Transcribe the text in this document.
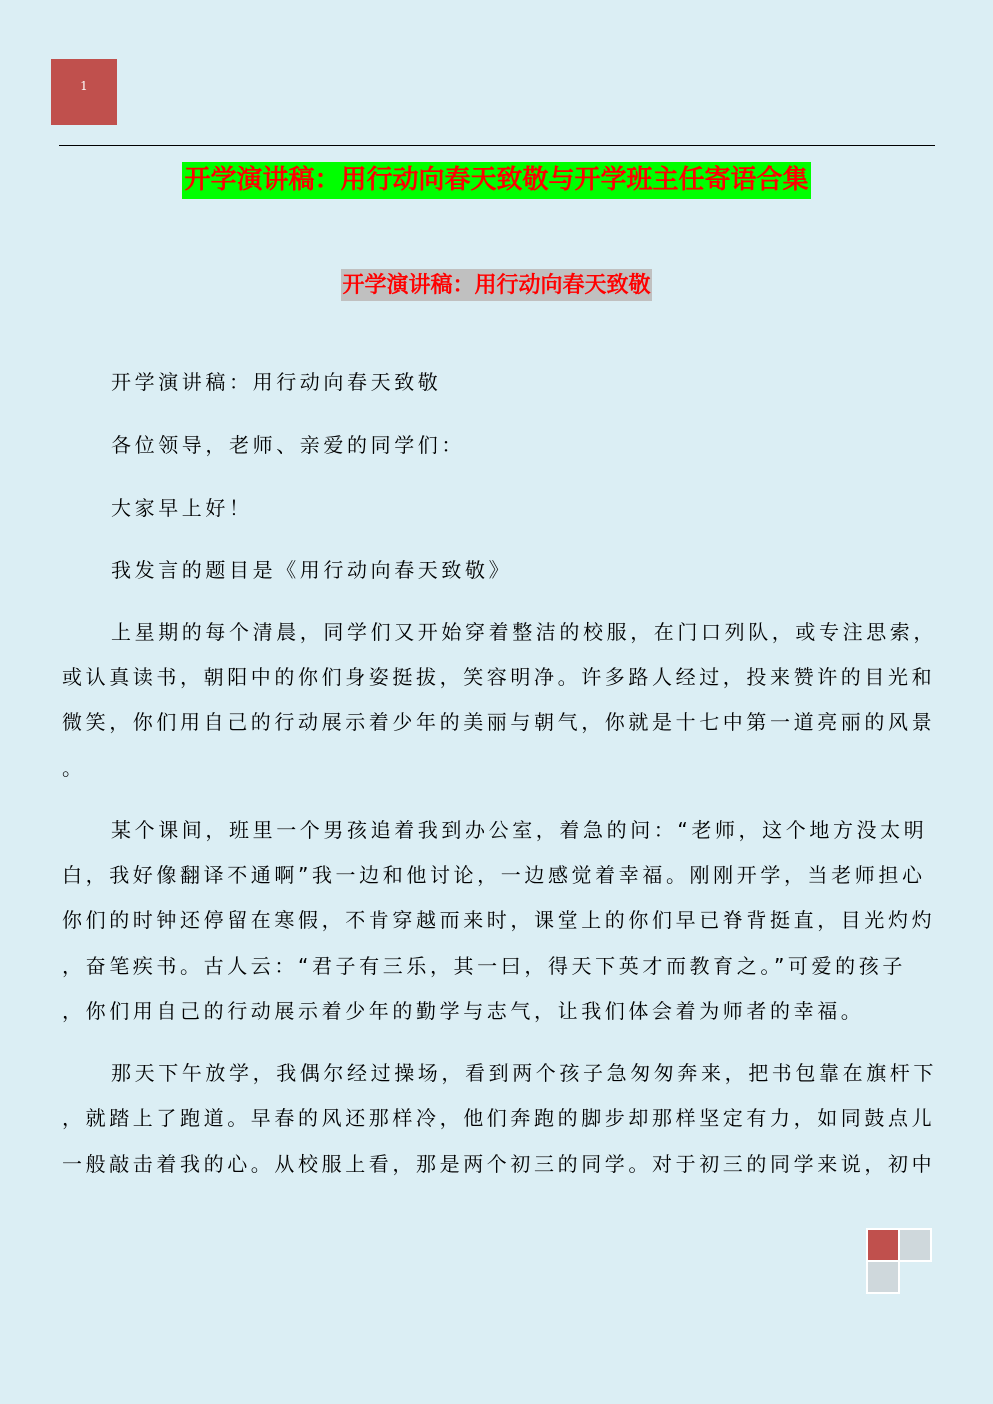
1
开学演讲稿：用行动向春天致敬与开学班主任寄语合集
开学演讲稿：用行动向春天致敬
开学演讲稿：用行动向春天致敬
各位领导，老师、亲爱的同学们：
大家早上好！
我发言的题目是《用行动向春天致敬》
上星期的每个清晨，同学们又开始穿着整洁的校服，在门口列队，或专注思索，
或认真读书，朝阳中的你们身姿挺拔，笑容明净。许多路人经过，投来赞许的目光和
微笑，你们用自己的行动展示着少年的美丽与朝气，你就是十七中第一道亮丽的风景
。
某个课间，班里一个男孩追着我到办公室，着急的问：“老师，这个地方没太明
白，我好像翻译不通啊”我一边和他讨论，一边感觉着幸福。刚刚开学，当老师担心
你们的时钟还停留在寒假，不肯穿越而来时，课堂上的你们早已脊背挺直，目光灼灼
，奋笔疾书。古人云：“君子有三乐，其一曰，得天下英才而教育之。”可爱的孩子
，你们用自己的行动展示着少年的勤学与志气，让我们体会着为师者的幸福。
那天下午放学，我偶尔经过操场，看到两个孩子急匆匆奔来，把书包靠在旗杆下
，就踏上了跑道。早春的风还那样冷，他们奔跑的脚步却那样坚定有力，如同鼓点儿
一般敲击着我的心。从校服上看，那是两个初三的同学。对于初三的同学来说，初中
